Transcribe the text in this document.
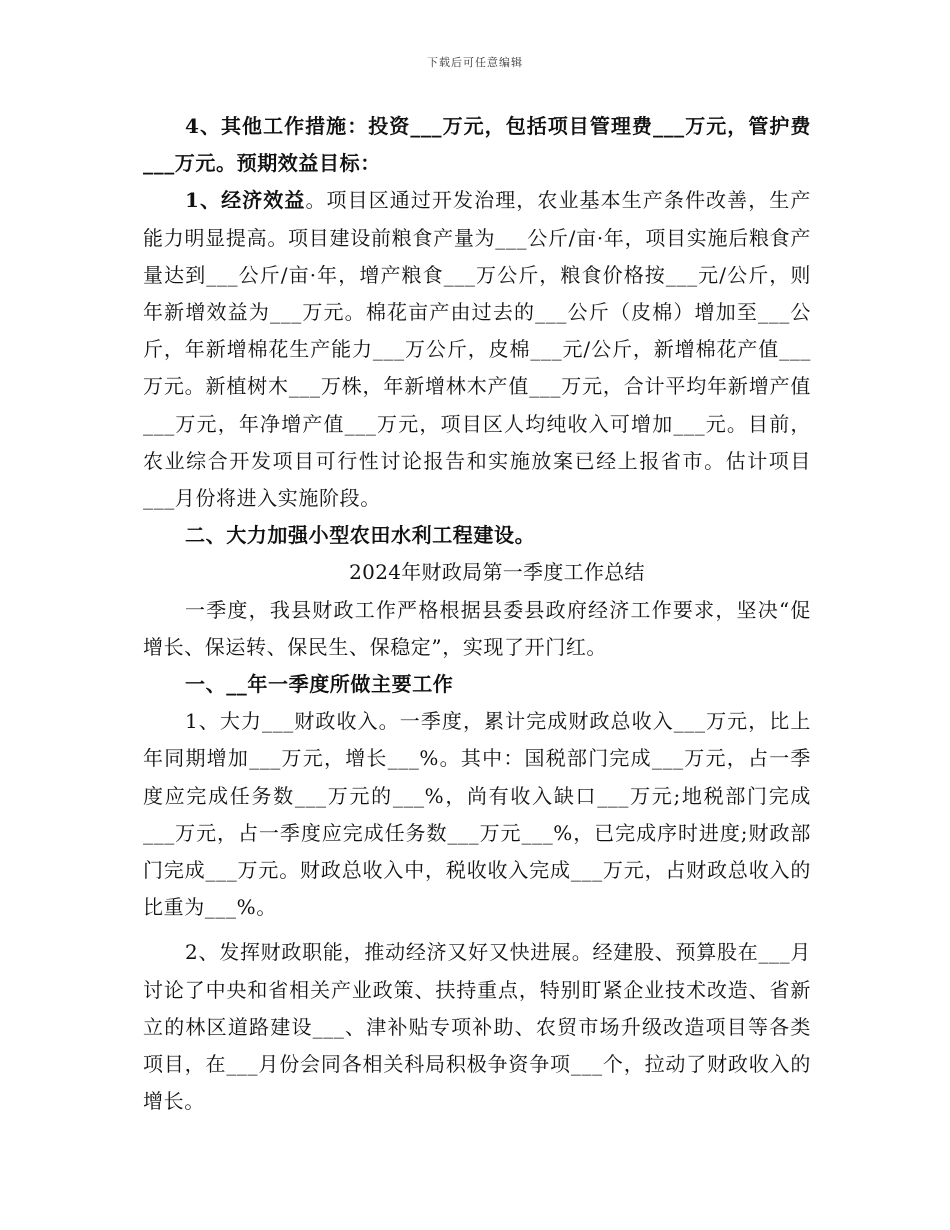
下载后可任意编辑

4、其他工作措施：投资___万元，包括项目管理费___万元，管护费___万元。预期效益目标：

1、经济效益。项目区通过开发治理，农业基本生产条件改善，生产能力明显提高。项目建设前粮食产量为___公斤/亩·年，项目实施后粮食产量达到___公斤/亩·年，增产粮食___万公斤，粮食价格按___元/公斤，则年新增效益为___万元。棉花亩产由过去的___公斤（皮棉）增加至___公斤，年新增棉花生产能力___万公斤，皮棉___元/公斤，新增棉花产值___万元。新植树木___万株，年新增林木产值___万元，合计平均年新增产值___万元，年净增产值___万元，项目区人均纯收入可增加___元。目前，农业综合开发项目可行性讨论报告和实施放案已经上报省市。估计项目___月份将进入实施阶段。

二、大力加强小型农田水利工程建设。

2024年财政局第一季度工作总结

一季度，我县财政工作严格根据县委县政府经济工作要求，坚决“促增长、保运转、保民生、保稳定”，实现了开门红。

一、__年一季度所做主要工作

1、大力___财政收入。一季度，累计完成财政总收入___万元，比上年同期增加___万元，增长___%。其中：国税部门完成___万元，占一季度应完成任务数___万元的___%，尚有收入缺口___万元;地税部门完成___万元，占一季度应完成任务数___万元___%，已完成序时进度;财政部门完成___万元。财政总收入中，税收收入完成___万元，占财政总收入的比重为___%。

2、发挥财政职能，推动经济又好又快进展。经建股、预算股在___月讨论了中央和省相关产业政策、扶持重点，特别盯紧企业技术改造、省新立的林区道路建设___、津补贴专项补助、农贸市场升级改造项目等各类项目，在___月份会同各相关科局积极争资争项___个，拉动了财政收入的增长。
